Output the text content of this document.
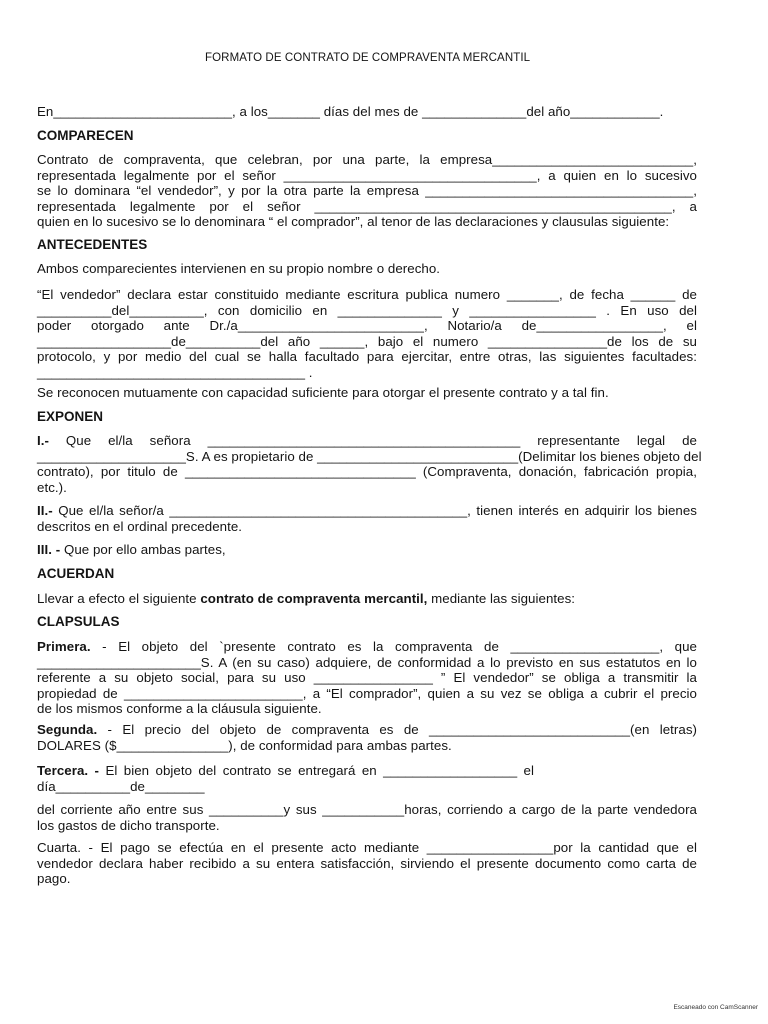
FORMATO DE CONTRATO DE COMPRAVENTA MERCANTIL

En________________________, a los_______ días del mes de ______________del año____________.

COMPARECEN

Contrato de compraventa, que celebran, por una parte, la empresa___________________________,
representada legalmente por el señor __________________________________, a quien en lo sucesivo
se lo dominara “el vendedor”, y por la otra parte la empresa ____________________________________,
representada legalmente por el señor ________________________________________________, a
quien en lo sucesivo se lo denominara “ el comprador”, al tenor de las declaraciones y clausulas siguiente:

ANTECEDENTES

Ambos comparecientes intervienen en su propio nombre o derecho.

“El vendedor” declara estar constituido mediante escritura publica numero _______, de fecha ______ de
__________del__________, con domicilio en ______________ y _________________ . En uso del
poder otorgado ante Dr./a_________________________, Notario/a de_________________, el
__________________de__________del año ______, bajo el numero ________________de los de su
protocolo, y por medio del cual se halla facultado para ejercitar, entre otras, las siguientes facultades:
____________________________________ .

Se reconocen mutuamente con capacidad suficiente para otorgar el presente contrato y a tal fin.

EXPONEN

I.- Que el/la señora __________________________________________ representante legal de
____________________S. A es propietario de ___________________________(Delimitar los bienes objeto del
contrato), por titulo de _______________________________ (Compraventa, donación, fabricación propia,
etc.).

II.- Que el/la señor/a ________________________________________, tienen interés en adquirir los bienes
descritos en el ordinal precedente.

III. - Que por ello ambas partes,

ACUERDAN

Llevar a efecto el siguiente contrato de compraventa mercantil, mediante las siguientes:

CLAPSULAS

Primera. - El objeto del `presente contrato es la compraventa de ____________________, que
______________________S. A (en su caso) adquiere, de conformidad a lo previsto en sus estatutos en lo
referente a su objeto social, para su uso ________________ ” El vendedor” se obliga a transmitir la
propiedad de ________________________, a “El comprador”, quien a su vez se obliga a cubrir el precio
de los mismos conforme a la cláusula siguiente.

Segunda. - El precio del objeto de compraventa es de ___________________________(en letras)
DOLARES ($_______________), de conformidad para ambas partes.

Tercera. - El bien objeto del contrato se entregará en __________________ el
día__________de________

del corriente año entre sus __________y sus ___________horas, corriendo a cargo de la parte vendedora
los gastos de dicho transporte.

Cuarta. - El pago se efectúa en el presente acto mediante _________________por la cantidad que el
vendedor declara haber recibido a su entera satisfacción, sirviendo el presente documento como carta de
pago.

Escaneado con CamScanner
